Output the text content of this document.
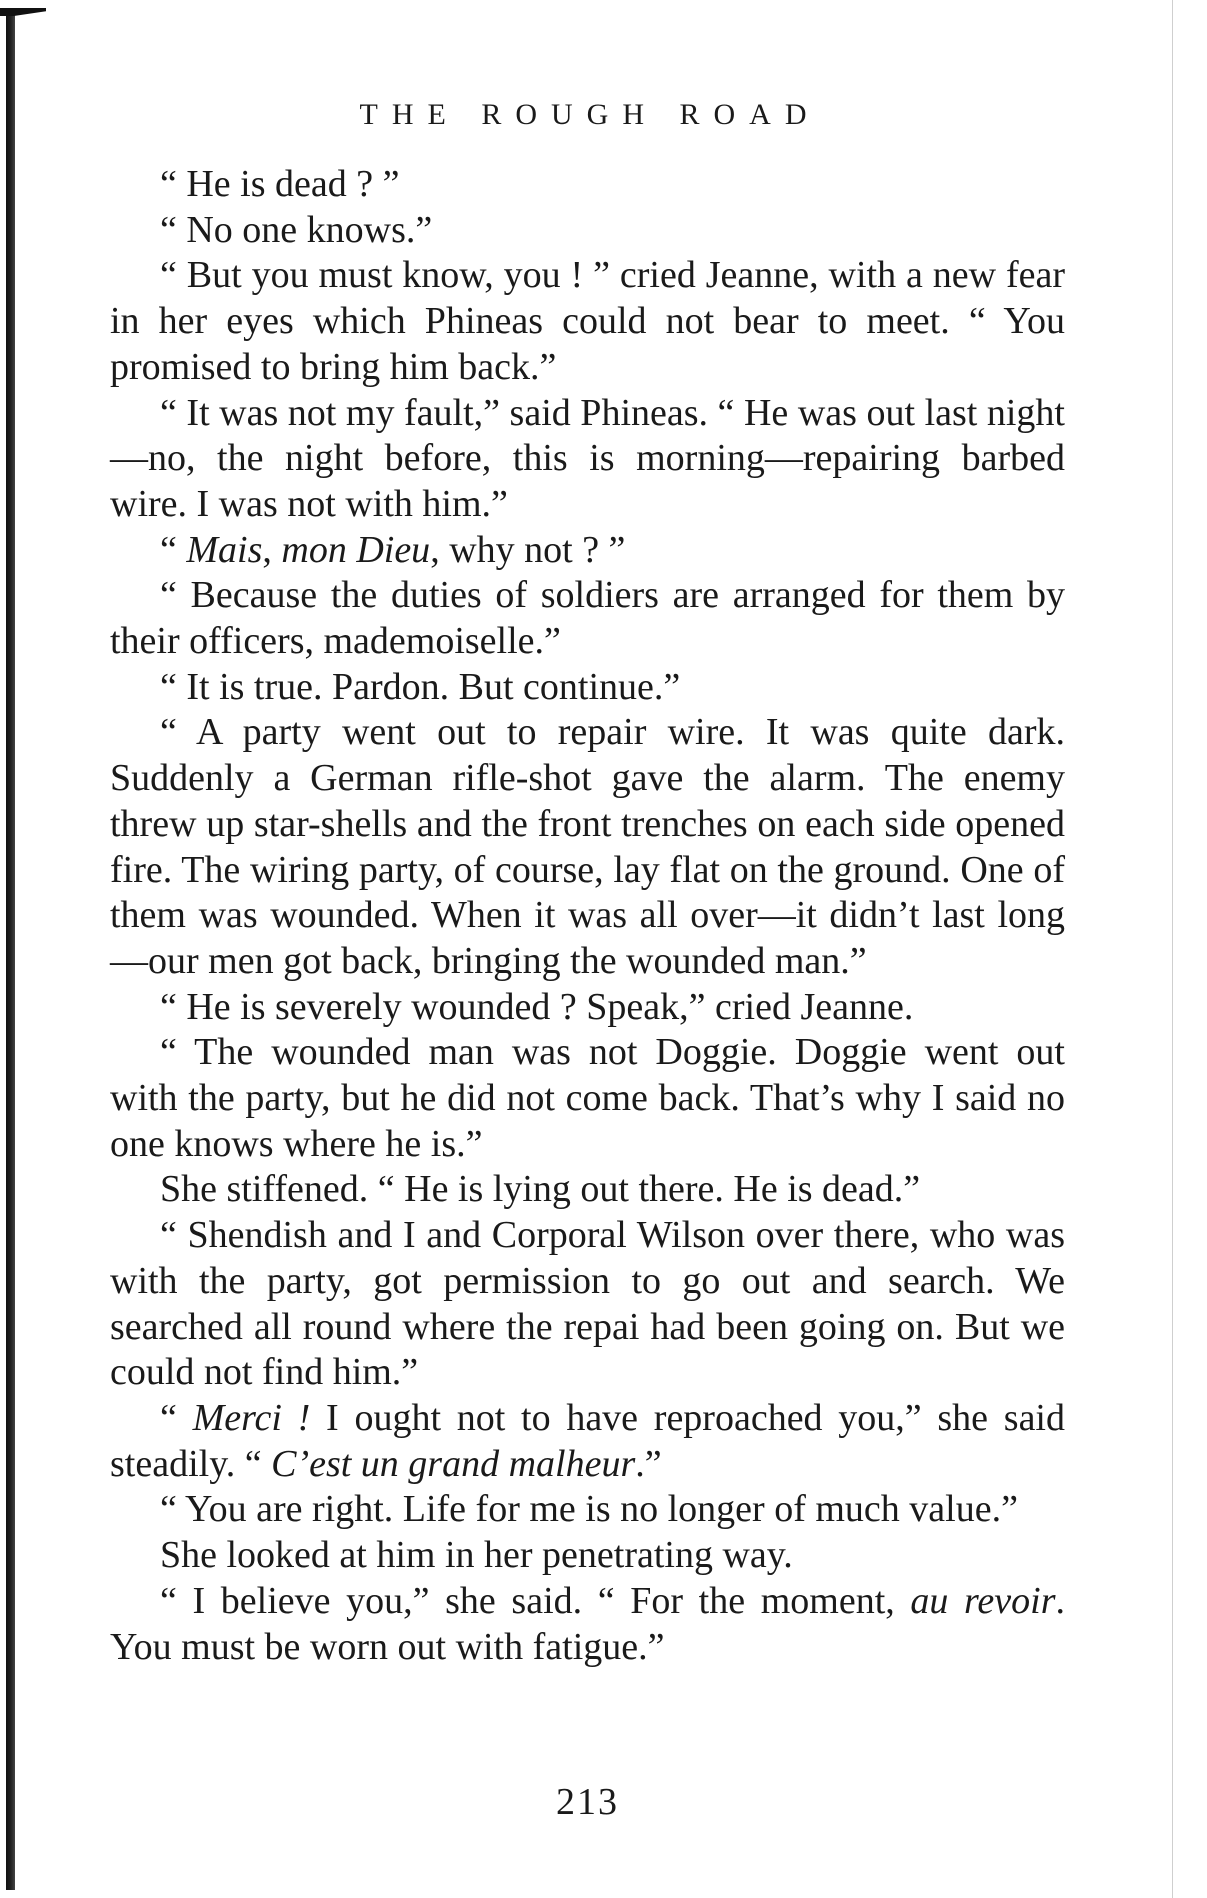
THE ROUGH ROAD

“ He is dead ? ”

“ No one knows.”

“ But you must know, you ! ” cried Jeanne, with a new fear in her eyes which Phineas could not bear to meet. “ You promised to bring him back.”

“ It was not my fault,” said Phineas. “ He was out last night—no, the night before, this is morning—repairing barbed wire. I was not with him.”

“ Mais, mon Dieu, why not ? ”

“ Because the duties of soldiers are arranged for them by their officers, mademoiselle.”

“ It is true. Pardon. But continue.”

“ A party went out to repair wire. It was quite dark. Suddenly a German rifle-shot gave the alarm. The enemy threw up star-shells and the front trenches on each side opened fire. The wiring party, of course, lay flat on the ground. One of them was wounded. When it was all over—it didn’t last long—our men got back, bringing the wounded man.”

“ He is severely wounded ? Speak,” cried Jeanne.

“ The wounded man was not Doggie. Doggie went out with the party, but he did not come back. That’s why I said no one knows where he is.”

She stiffened. “ He is lying out there. He is dead.”

“ Shendish and I and Corporal Wilson over there, who was with the party, got permission to go out and search. We searched all round where the repai had been going on. But we could not find him.”

“ Merci ! I ought not to have reproached you,” she said steadily. “ C’est un grand malheur.”

“ You are right. Life for me is no longer of much value.”

She looked at him in her penetrating way.

“ I believe you,” she said. “ For the moment, au revoir. You must be worn out with fatigue.”

213
